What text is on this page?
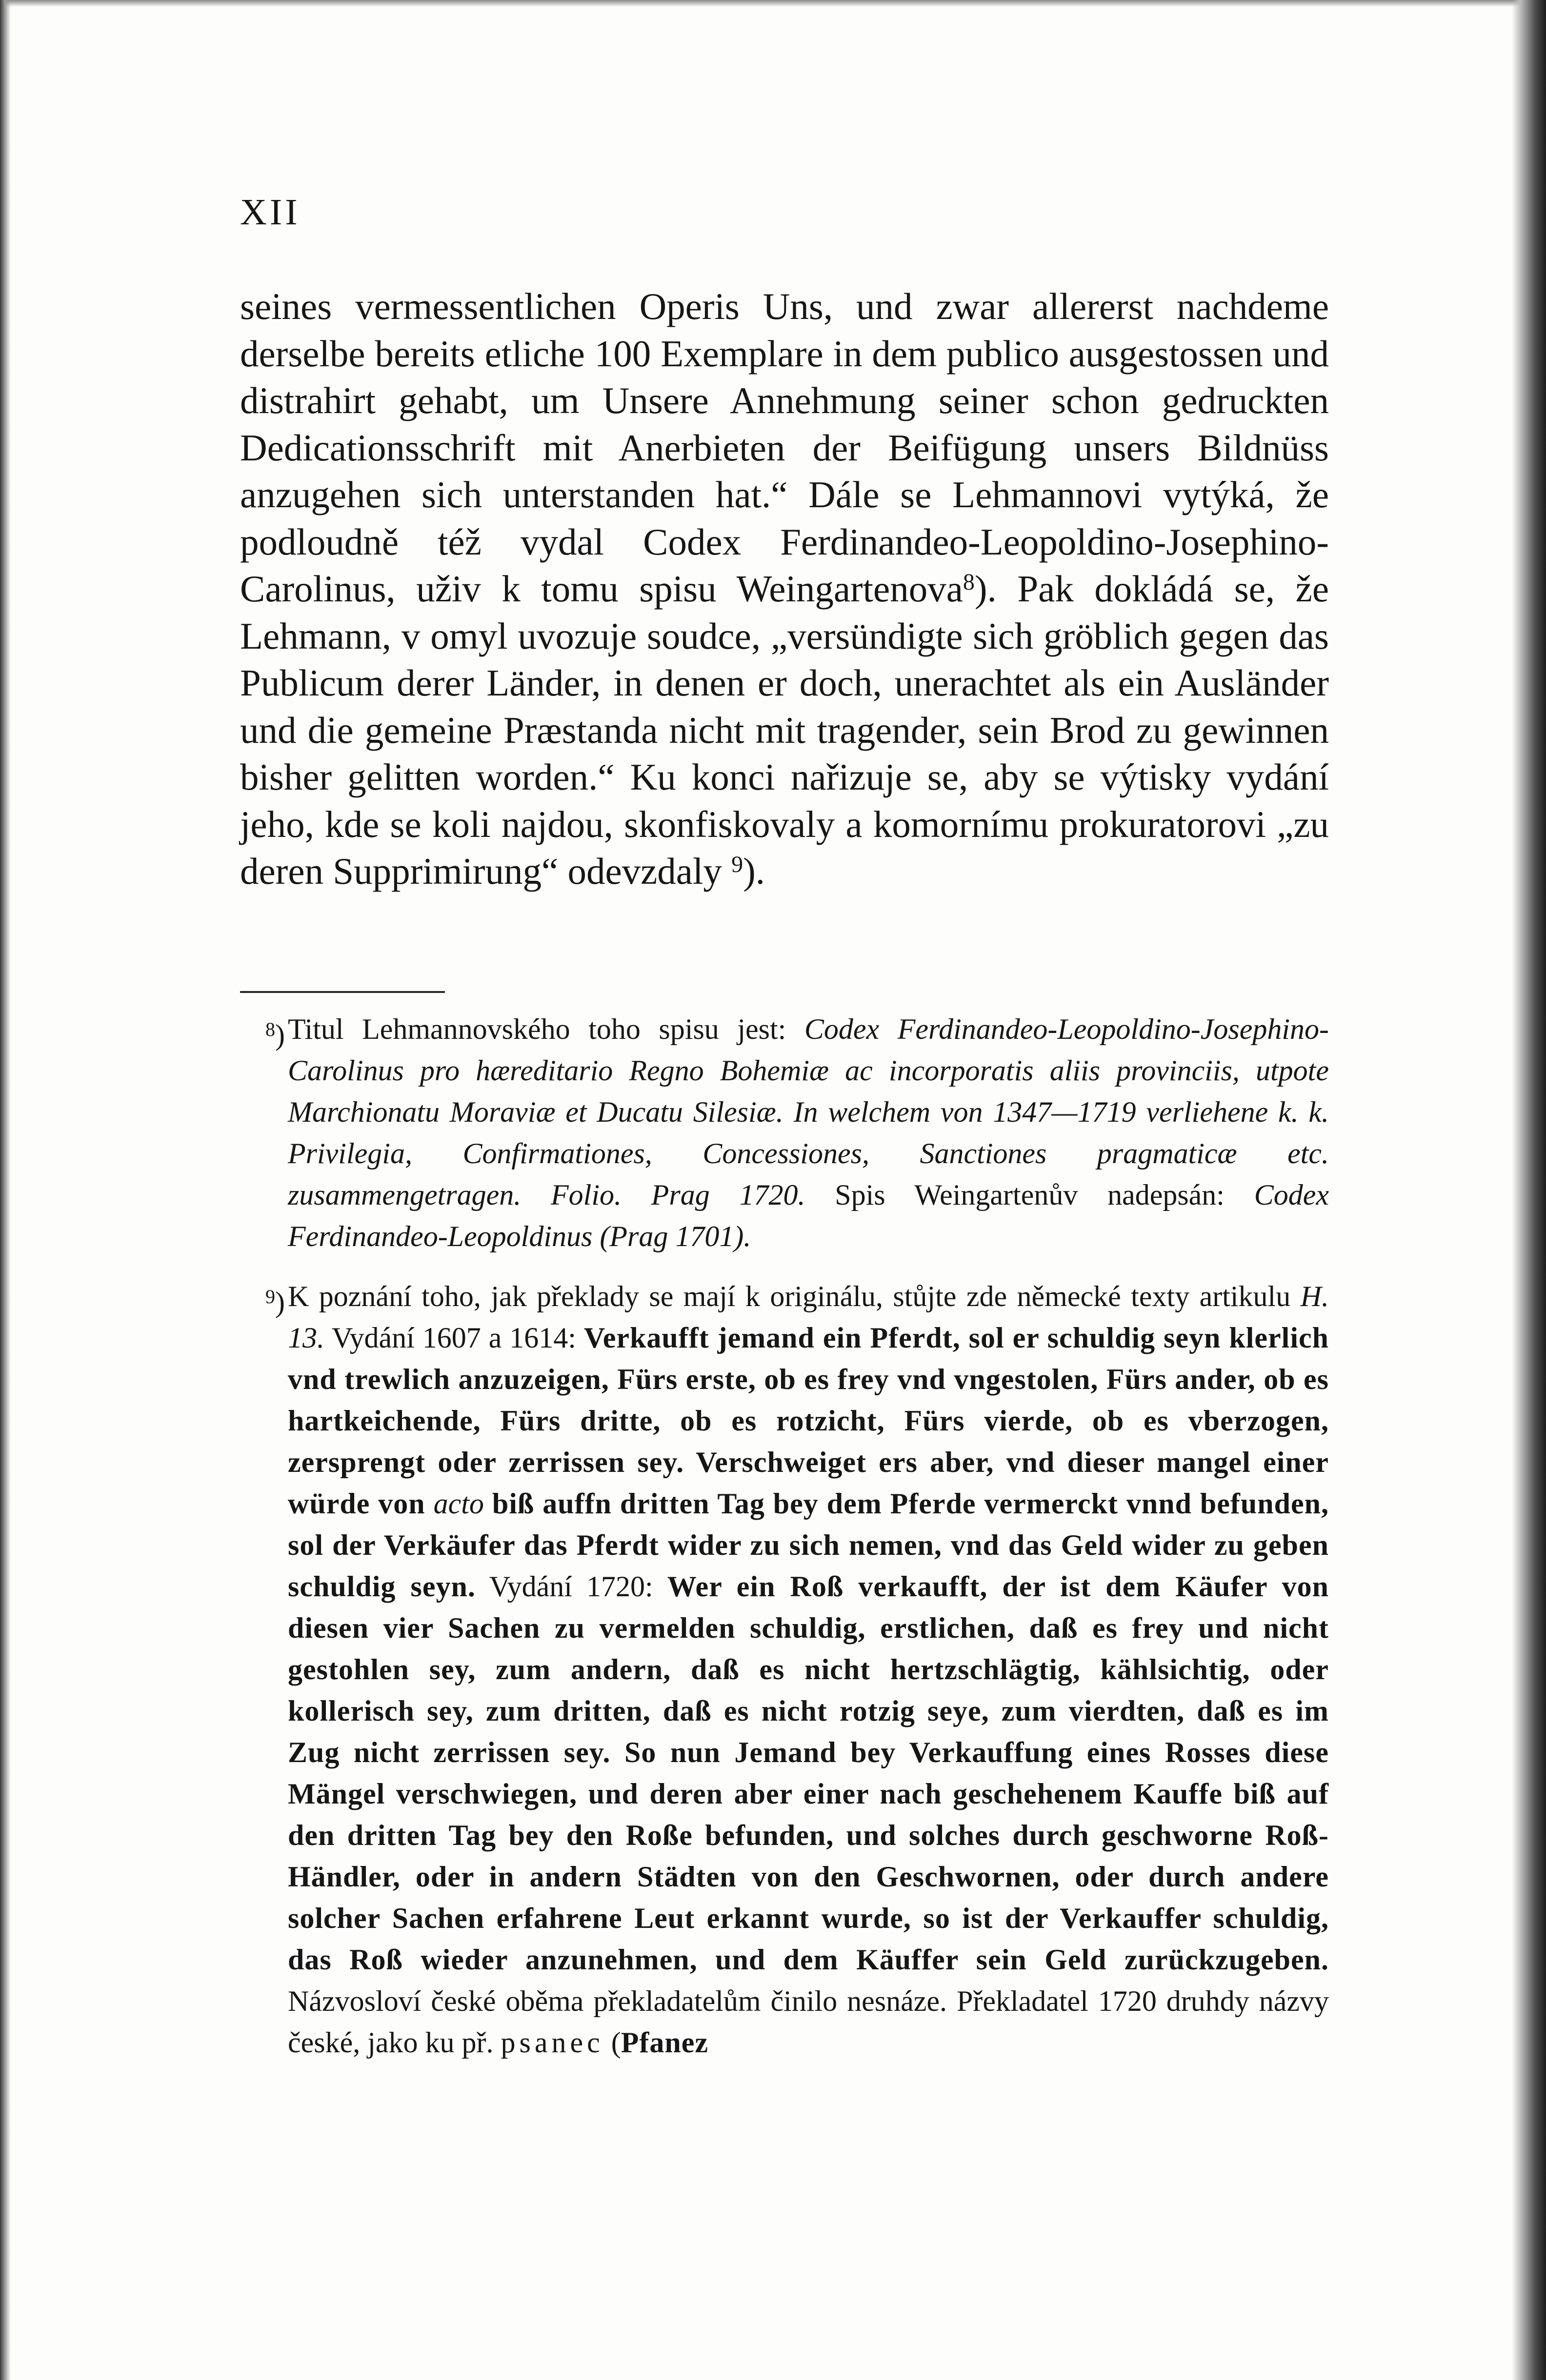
XII

seines vermessentlichen Operis Uns, und zwar allererst nachdeme derselbe bereits etliche 100 Exemplare in dem publico ausgestossen und distrahirt gehabt, um Unsere Annehmung seiner schon gedruckten Dedicationsschrift mit Anerbieten der Beifügung unsers Bildnüss anzugehen sich unterstanden hat.“ Dále se Lehmannovi vytýká, že podloudně též vydal Codex Ferdinandeo-Leopoldino-Josephino-Carolinus, uživ k tomu spisu Weingartenova$^8$). Pak dokládá se, že Lehmann, v omyl uvozuje soudce, „versündigte sich gröblich gegen das Publicum derer Länder, in denen er doch, unerachtet als ein Ausländer und die gemeine Præstanda nicht mit tragender, sein Brod zu gewinnen bisher gelitten worden.“ Ku konci nařizuje se, aby se výtisky vydání jeho, kde se koli najdou, skonfiskovaly a komornímu prokuratorovi „zu deren Supprimirung“ odevzdaly $^9$).

$^8$) Titul Lehmannovského toho spisu jest: Codex Ferdinandeo-Leopoldino-Josephino-Carolinus pro hæreditario Regno Bohemiæ ac incorporatis aliis provinciis, utpote Marchionatu Moraviæ et Ducatu Silesiæ. In welchem von 1347—1719 verliehene k. k. Privilegia, Confirmationes, Concessiones, Sanctiones pragmaticæ etc. zusammengetragen. Folio. Prag 1720. Spis Weingartenův nadepsán: Codex Ferdinandeo-Leopoldinus (Prag 1701).

$^9$) K poznání toho, jak překlady se mají k originálu, stůjte zde německé texty artikulu H. 13. Vydání 1607 a 1614: Verkaufft jemand ein Pferdt, sol er schuldig seyn klerlich vnd trewlich anzuzeigen, Fürs erste, ob es frey vnd vngestolen, Fürs ander, ob es hartkeichende, Fürs dritte, ob es rotzicht, Fürs vierde, ob es vberzogen, zersprengt oder zerrissen sey. Verschweiget ers aber, vnd dieser mangel einer würde von acto biß auffn dritten Tag bey dem Pferde vermerckt vnnd befunden, sol der Verkäufer das Pferdt wider zu sich nemen, vnd das Geld wider zu geben schuldig seyn. Vydání 1720: Wer ein Roß verkaufft, der ist dem Käufer von diesen vier Sachen zu vermelden schuldig, erstlichen, daß es frey und nicht gestohlen sey, zum andern, daß es nicht hertzschlägtig, kählsichtig, oder kollerisch sey, zum dritten, daß es nicht rotzig seye, zum vierdten, daß es im Zug nicht zerrissen sey. So nun Jemand bey Verkauffung eines Rosses diese Mängel verschwiegen, und deren aber einer nach geschehenem Kauffe biß auf den dritten Tag bey den Roße befunden, und solches durch geschworne Roß-Händler, oder in andern Städten von den Geschwornen, oder durch andere solcher Sachen erfahrene Leut erkannt wurde, so ist der Verkauffer schuldig, das Roß wieder anzunehmen, und dem Käuffer sein Geld zurückzugeben. Názvosloví české oběma překladatelům činilo nesnáze. Překladatel 1720 druhdy názvy české, jako ku př. psanec (Pfanez
